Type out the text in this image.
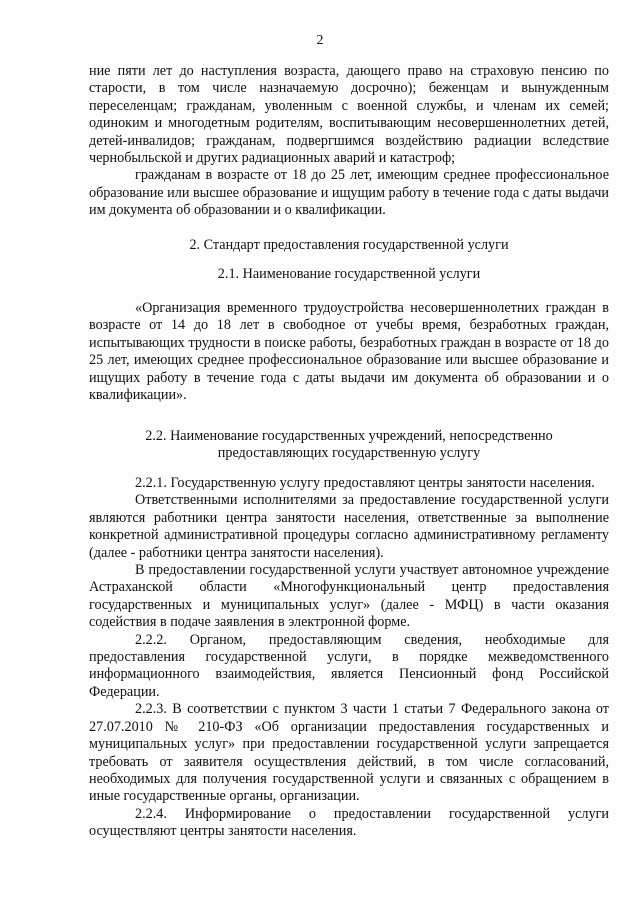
2

ние пяти лет до наступления возраста, дающего право на страховую пенсию по старости, в том числе назначаемую досрочно); беженцам и вынужденным переселенцам; гражданам, уволенным с военной службы, и членам их семей; одиноким и многодетным родителям, воспитывающим несовершеннолетних детей, детей-инвалидов; гражданам, подвергшимся воздействию радиации вследствие чернобыльской и других радиационных аварий и катастроф;

гражданам в возрасте от 18 до 25 лет, имеющим среднее профессиональное образование или высшее образование и ищущим работу в течение года с даты выдачи им документа об образовании и о квалификации.

2. Стандарт предоставления государственной услуги

2.1. Наименование государственной услуги

«Организация временного трудоустройства несовершеннолетних граждан в возрасте от 14 до 18 лет в свободное от учебы время, безработных граждан, испытывающих трудности в поиске работы, безработных граждан в возрасте от 18 до 25 лет, имеющих среднее профессиональное образование или высшее образование и ищущих работу в течение года с даты выдачи им документа об образовании и о квалификации».

2.2. Наименование государственных учреждений, непосредственно
предоставляющих государственную услугу

2.2.1. Государственную услугу предоставляют центры занятости населения.

Ответственными исполнителями за предоставление государственной услуги являются работники центра занятости населения, ответственные за выполнение конкретной административной процедуры согласно административному регламенту (далее - работники центра занятости населения).

В предоставлении государственной услуги участвует автономное учреждение Астраханской области «Многофункциональный центр предоставления государственных и муниципальных услуг» (далее - МФЦ) в части оказания содействия в подаче заявления в электронной форме.

2.2.2. Органом, предоставляющим сведения, необходимые для предоставления государственной услуги, в порядке межведомственного информационного взаимодействия, является Пенсионный фонд Российской Федерации.

2.2.3. В соответствии с пунктом 3 части 1 статьи 7 Федерального закона от 27.07.2010 № 210-ФЗ «Об организации предоставления государственных и муниципальных услуг» при предоставлении государственной услуги запрещается требовать от заявителя осуществления действий, в том числе согласований, необходимых для получения государственной услуги и связанных с обращением в иные государственные органы, организации.

2.2.4. Информирование о предоставлении государственной услуги осуществляют центры занятости населения.
